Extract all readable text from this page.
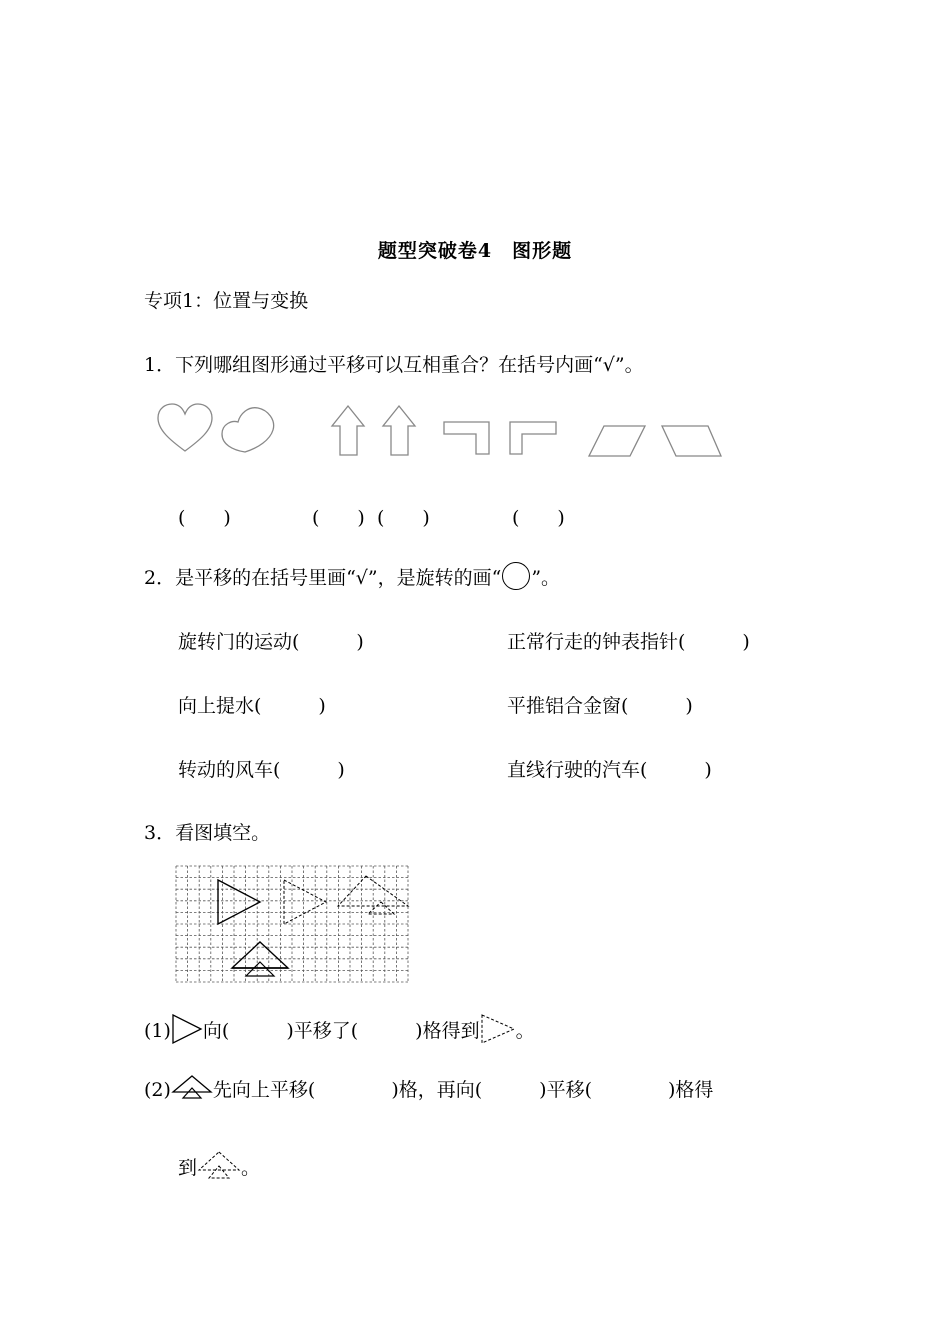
题型突破卷4　图形题
专项1：位置与变换
1．下列哪组图形通过平移可以互相重合？在括号内画“√”。
(　　)	(　　) (　　)	(　　)
2．是平移的在括号里画“√”，是旋转的画“ ”。
旋转门的运动(　　　)	正常行走的钟表指针(　　　)
向上提水(　　　)	平推铝合金窗(　　　)
转动的风车(　　　)	直线行驶的汽车(　　　)
3．看图填空。
(1) 向(　　　)平移了(　　　)格得到 。
(2) 先向上平移(　　　　)格，再向(　　　)平移(　　　　)格得
到 。
